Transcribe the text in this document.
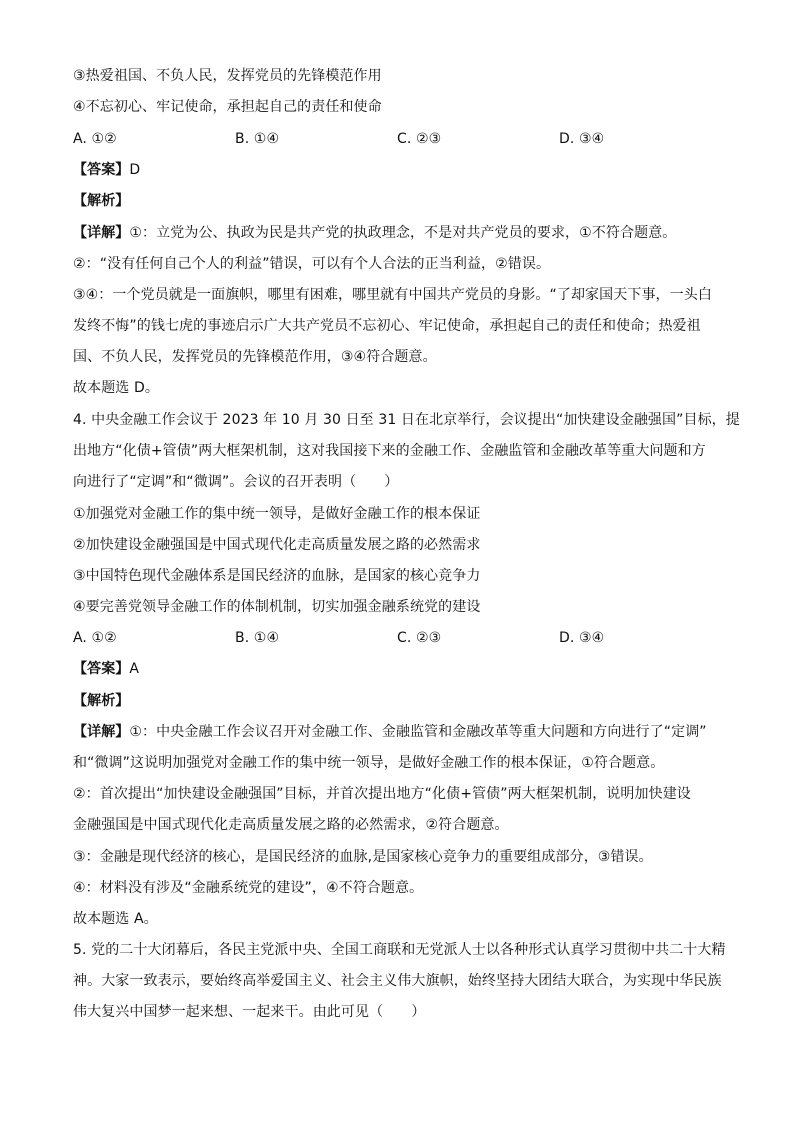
③热爱祖国、不负人民，发挥党员的先锋模范作用
④不忘初心、牢记使命，承担起自己的责任和使命
A. ①②	B. ①④	C. ②③	D. ③④
【答案】D
【解析】
【详解】①：立党为公、执政为民是共产党的执政理念，不是对共产党员的要求，①不符合题意。
②：“没有任何自己个人的利益”错误，可以有个人合法的正当利益，②错误。
③④：一个党员就是一面旗帜，哪里有困难，哪里就有中国共产党员的身影。“了却家国天下事，一头白
发终不悔”的钱七虎的事迹启示广大共产党员不忘初心、牢记使命，承担起自己的责任和使命；热爱祖
国、不负人民，发挥党员的先锋模范作用，③④符合题意。
故本题选 D。
4. 中央金融工作会议于 2023 年 10 月 30 日至 31 日在北京举行，会议提出“加快建设金融强国”目标，提
出地方“化债+管债”两大框架机制，这对我国接下来的金融工作、金融监管和金融改革等重大问题和方
向进行了“定调”和“微调”。会议的召开表明（　　）
①加强党对金融工作的集中统一领导，是做好金融工作的根本保证
②加快建设金融强国是中国式现代化走高质量发展之路的必然需求
③中国特色现代金融体系是国民经济的血脉，是国家的核心竞争力
④要完善党领导金融工作的体制机制，切实加强金融系统党的建设
A. ①②	B. ①④	C. ②③	D. ③④
【答案】A
【解析】
【详解】①：中央金融工作会议召开对金融工作、金融监管和金融改革等重大问题和方向进行了“定调”
和“微调”这说明加强党对金融工作的集中统一领导，是做好金融工作的根本保证，①符合题意。
②：首次提出“加快建设金融强国”目标，并首次提出地方“化债+管债”两大框架机制，说明加快建设
金融强国是中国式现代化走高质量发展之路的必然需求，②符合题意。
③：金融是现代经济的核心，是国民经济的血脉,是国家核心竞争力的重要组成部分，③错误。
④：材料没有涉及“金融系统党的建设”，④不符合题意。
故本题选 A。
5. 党的二十大闭幕后，各民主党派中央、全国工商联和无党派人士以各种形式认真学习贯彻中共二十大精
神。大家一致表示，要始终高举爱国主义、社会主义伟大旗帜，始终坚持大团结大联合，为实现中华民族
伟大复兴中国梦一起来想、一起来干。由此可见（　　）
